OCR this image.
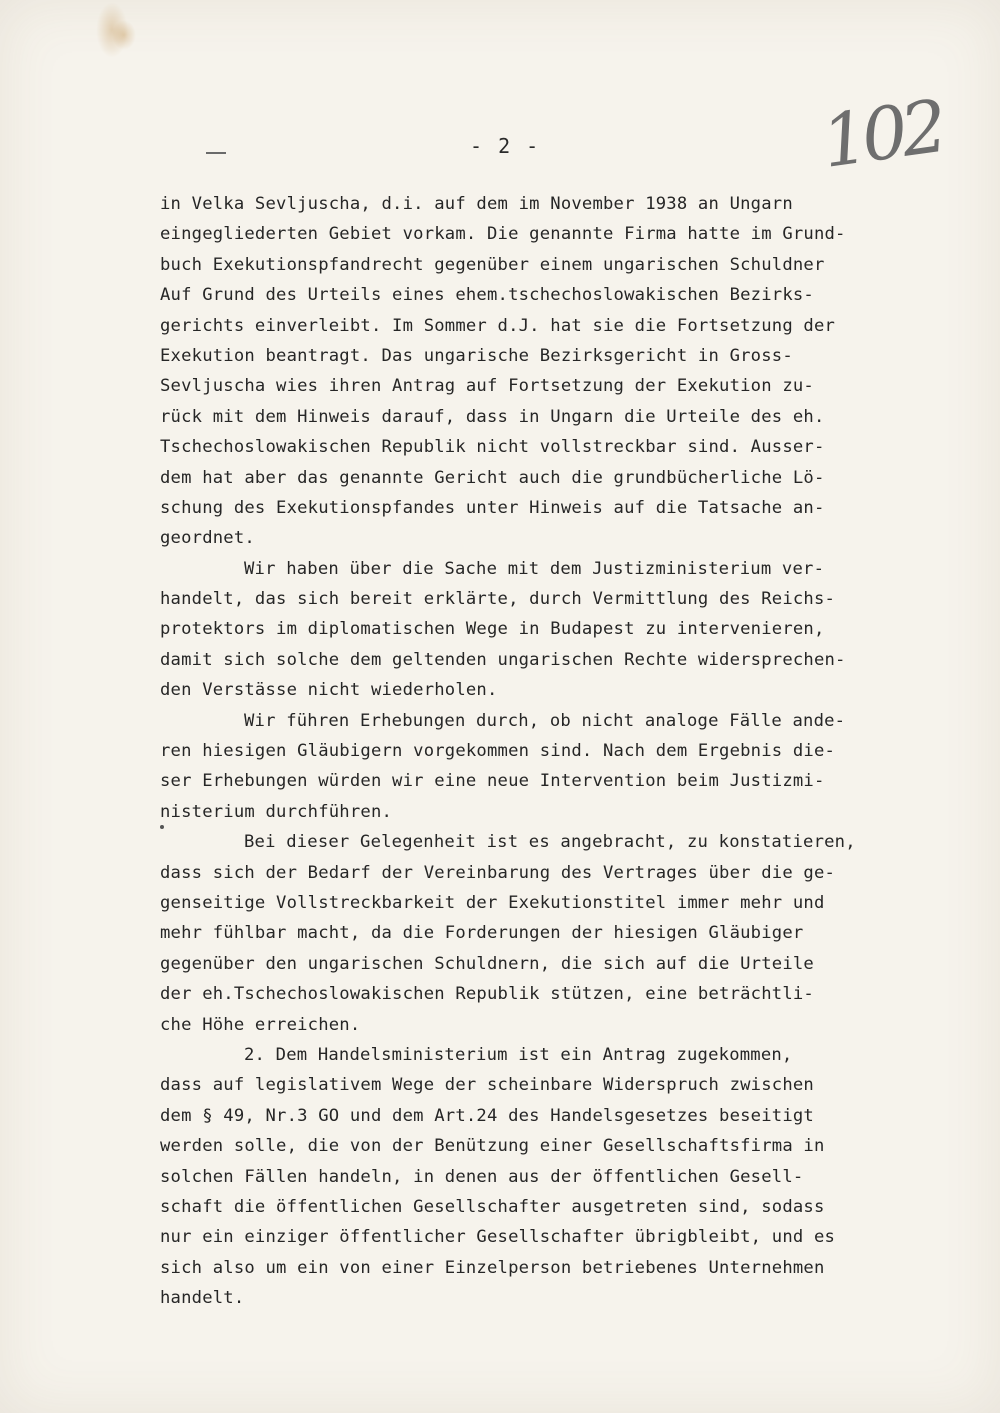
- 2 -	102
in Velka Sevljuscha, d.i. auf dem im November 1938 an Ungarn
eingegliederten Gebiet vorkam. Die genannte Firma hatte im Grund-
buch Exekutionspfandrecht gegenüber einem ungarischen Schuldner
Auf Grund des Urteils eines ehem.tschechoslowakischen Bezirks-
gerichts einverleibt. Im Sommer d.J. hat sie die Fortsetzung der
Exekution beantragt. Das ungarische Bezirksgericht in Gross-
Sevljuscha wies ihren Antrag auf Fortsetzung der Exekution zu-
rück mit dem Hinweis darauf, dass in Ungarn die Urteile des eh.
Tschechoslowakischen Republik nicht vollstreckbar sind. Ausser-
dem hat aber das genannte Gericht auch die grundbücherliche Lö-
schung des Exekutionspfandes unter Hinweis auf die Tatsache an-
geordnet.
Wir haben über die Sache mit dem Justizministerium ver-
handelt, das sich bereit erklärte, durch Vermittlung des Reichs-
protektors im diplomatischen Wege in Budapest zu intervenieren,
damit sich solche dem geltenden ungarischen Rechte widersprechen-
den Verstässe nicht wiederholen.
Wir führen Erhebungen durch, ob nicht analoge Fälle ande-
ren hiesigen Gläubigern vorgekommen sind. Nach dem Ergebnis die-
ser Erhebungen würden wir eine neue Intervention beim Justizmi-
nisterium durchführen.
Bei dieser Gelegenheit ist es angebracht, zu konstatieren,
dass sich der Bedarf der Vereinbarung des Vertrages über die ge-
genseitige Vollstreckbarkeit der Exekutionstitel immer mehr und
mehr fühlbar macht, da die Forderungen der hiesigen Gläubiger
gegenüber den ungarischen Schuldnern, die sich auf die Urteile
der eh.Tschechoslowakischen Republik stützen, eine beträchtli-
che Höhe erreichen.
2. Dem Handelsministerium ist ein Antrag zugekommen,
dass auf legislativem Wege der scheinbare Widerspruch zwischen
dem § 49, Nr.3 GO und dem Art.24 des Handelsgesetzes beseitigt
werden solle, die von der Benützung einer Gesellschaftsfirma in
solchen Fällen handeln, in denen aus der öffentlichen Gesell-
schaft die öffentlichen Gesellschafter ausgetreten sind, sodass
nur ein einziger öffentlicher Gesellschafter übrigbleibt, und es
sich also um ein von einer Einzelperson betriebenes Unternehmen
handelt.
